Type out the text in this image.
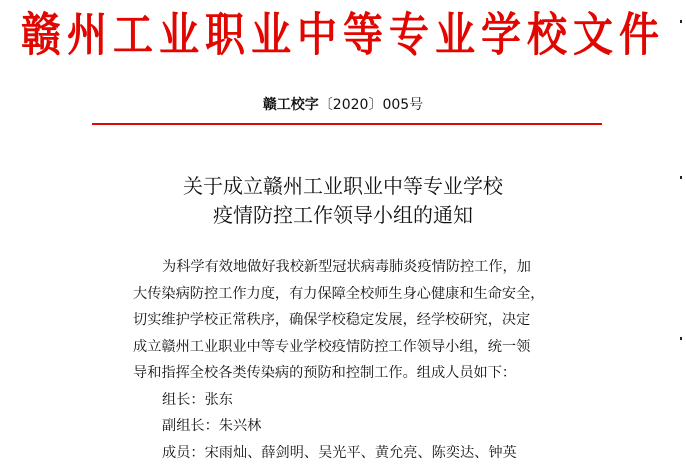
赣州工业职业中等专业学校文件
赣工校字〔2020〕005号
关于成立赣州工业职业中等专业学校
疫情防控工作领导小组的通知
为科学有效地做好我校新型冠状病毒肺炎疫情防控工作，加
大传染病防控工作力度，有力保障全校师生身心健康和生命安全，
切实维护学校正常秩序，确保学校稳定发展，经学校研究，决定
成立赣州工业职业中等专业学校疫情防控工作领导小组，统一领
导和指挥全校各类传染病的预防和控制工作。组成人员如下：
组长：张东
副组长：朱兴林
成员：宋雨灿、薛剑明、吴光平、黄允亮、陈奕达、钟英
